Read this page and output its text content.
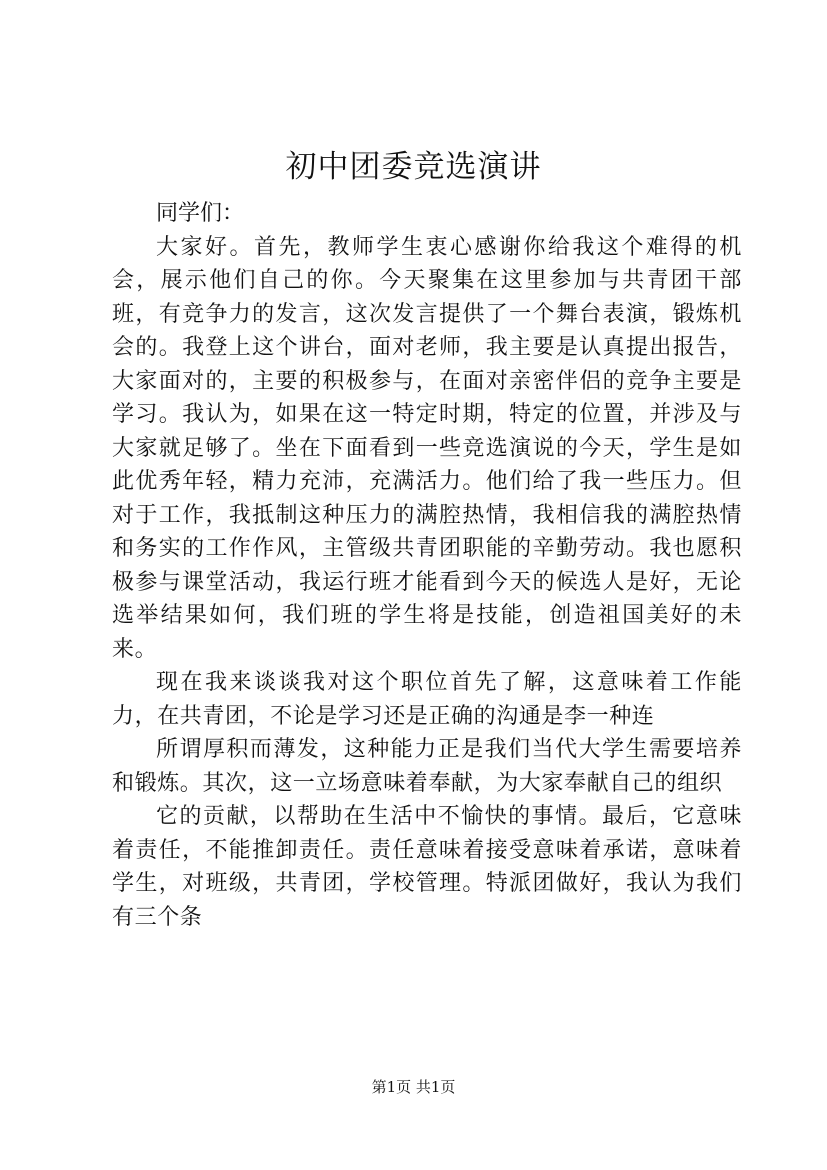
初中团委竞选演讲

同学们：

大家好。首先，教师学生衷心感谢你给我这个难得的机会，展示他们自己的你。今天聚集在这里参加与共青团干部班，有竞争力的发言，这次发言提供了一个舞台表演，锻炼机会的。我登上这个讲台，面对老师，我主要是认真提出报告，大家面对的，主要的积极参与，在面对亲密伴侣的竞争主要是学习。我认为，如果在这一特定时期，特定的位置，并涉及与大家就足够了。坐在下面看到一些竞选演说的今天，学生是如此优秀年轻，精力充沛，充满活力。他们给了我一些压力。但对于工作，我抵制这种压力的满腔热情，我相信我的满腔热情和务实的工作作风，主管级共青团职能的辛勤劳动。我也愿积极参与课堂活动，我运行班才能看到今天的候选人是好，无论选举结果如何，我们班的学生将是技能，创造祖国美好的未来。

现在我来谈谈我对这个职位首先了解，这意味着工作能力，在共青团，不论是学习还是正确的沟通是李一种连

所谓厚积而薄发，这种能力正是我们当代大学生需要培养和锻炼。其次，这一立场意味着奉献，为大家奉献自己的组织

它的贡献，以帮助在生活中不愉快的事情。最后，它意味着责任，不能推卸责任。责任意味着接受意味着承诺，意味着学生，对班级，共青团，学校管理。特派团做好，我认为我们有三个条

第1页 共1页
